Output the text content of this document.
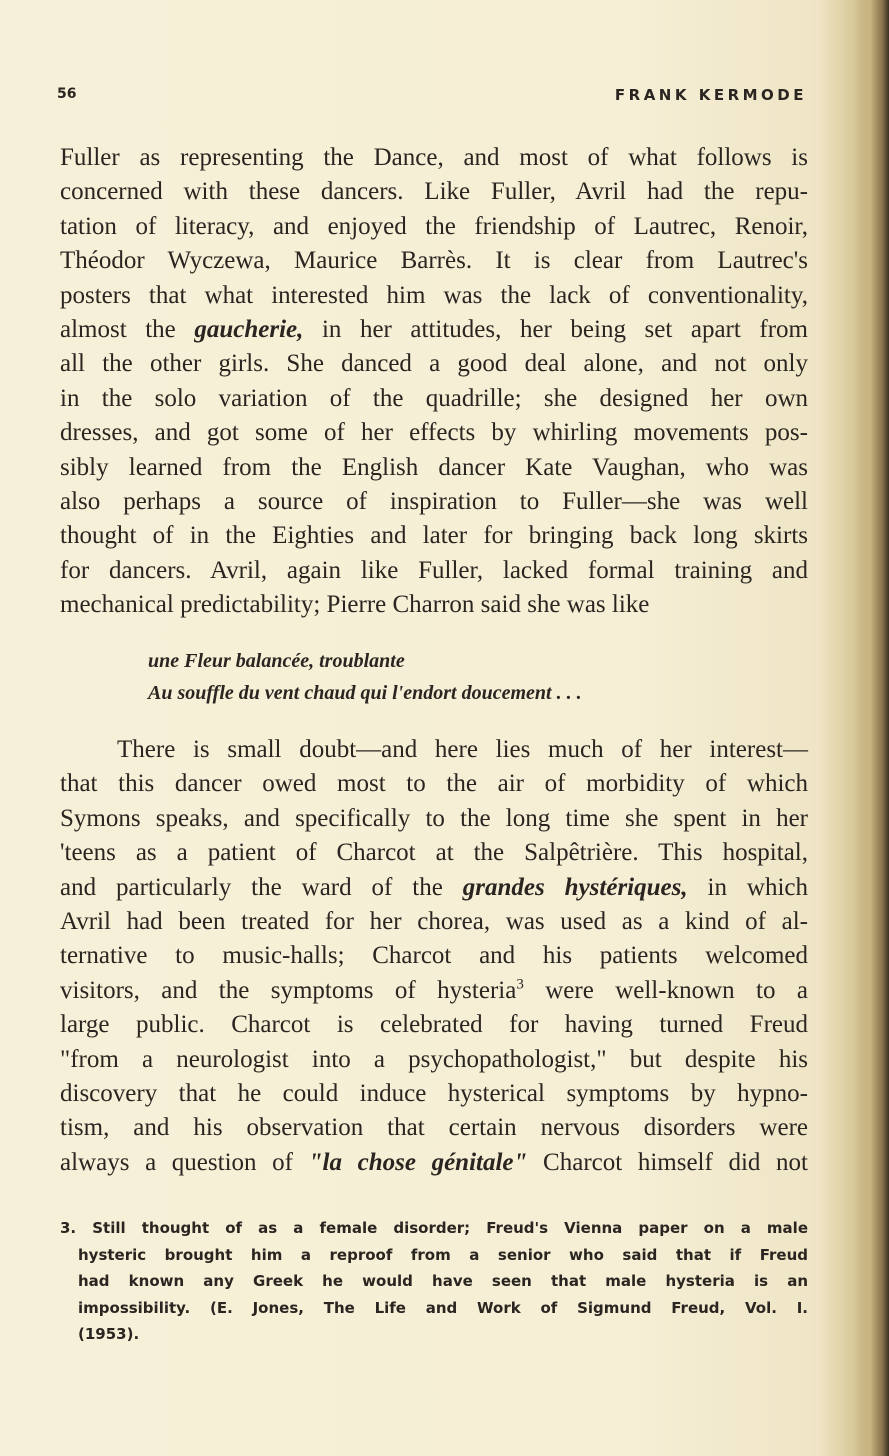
56	FRANK KERMODE
Fuller as representing the Dance, and most of what follows is
concerned with these dancers. Like Fuller, Avril had the repu-
tation of literacy, and enjoyed the friendship of Lautrec, Renoir,
Théodor Wyczewa, Maurice Barrès. It is clear from Lautrec's
posters that what interested him was the lack of conventionality,
almost the gaucherie, in her attitudes, her being set apart from
all the other girls. She danced a good deal alone, and not only
in the solo variation of the quadrille; she designed her own
dresses, and got some of her effects by whirling movements pos-
sibly learned from the English dancer Kate Vaughan, who was
also perhaps a source of inspiration to Fuller—she was well
thought of in the Eighties and later for bringing back long skirts
for dancers. Avril, again like Fuller, lacked formal training and
mechanical predictability; Pierre Charron said she was like
une Fleur balancée, troublante
Au souffle du vent chaud qui l'endort doucement . . .
There is small doubt—and here lies much of her interest—
that this dancer owed most to the air of morbidity of which
Symons speaks, and specifically to the long time she spent in her
'teens as a patient of Charcot at the Salpêtrière. This hospital,
and particularly the ward of the grandes hystériques, in which
Avril had been treated for her chorea, was used as a kind of al-
ternative to music-halls; Charcot and his patients welcomed
visitors, and the symptoms of hysteria$^3$ were well-known to a
large public. Charcot is celebrated for having turned Freud
"from a neurologist into a psychopathologist," but despite his
discovery that he could induce hysterical symptoms by hypno-
tism, and his observation that certain nervous disorders were
always a question of "la chose génitale" Charcot himself did not
3. Still thought of as a female disorder; Freud's Vienna paper on a male
hysteric brought him a reproof from a senior who said that if Freud
had known any Greek he would have seen that male hysteria is an
impossibility. (E. Jones, The Life and Work of Sigmund Freud, Vol. I.
(1953).
